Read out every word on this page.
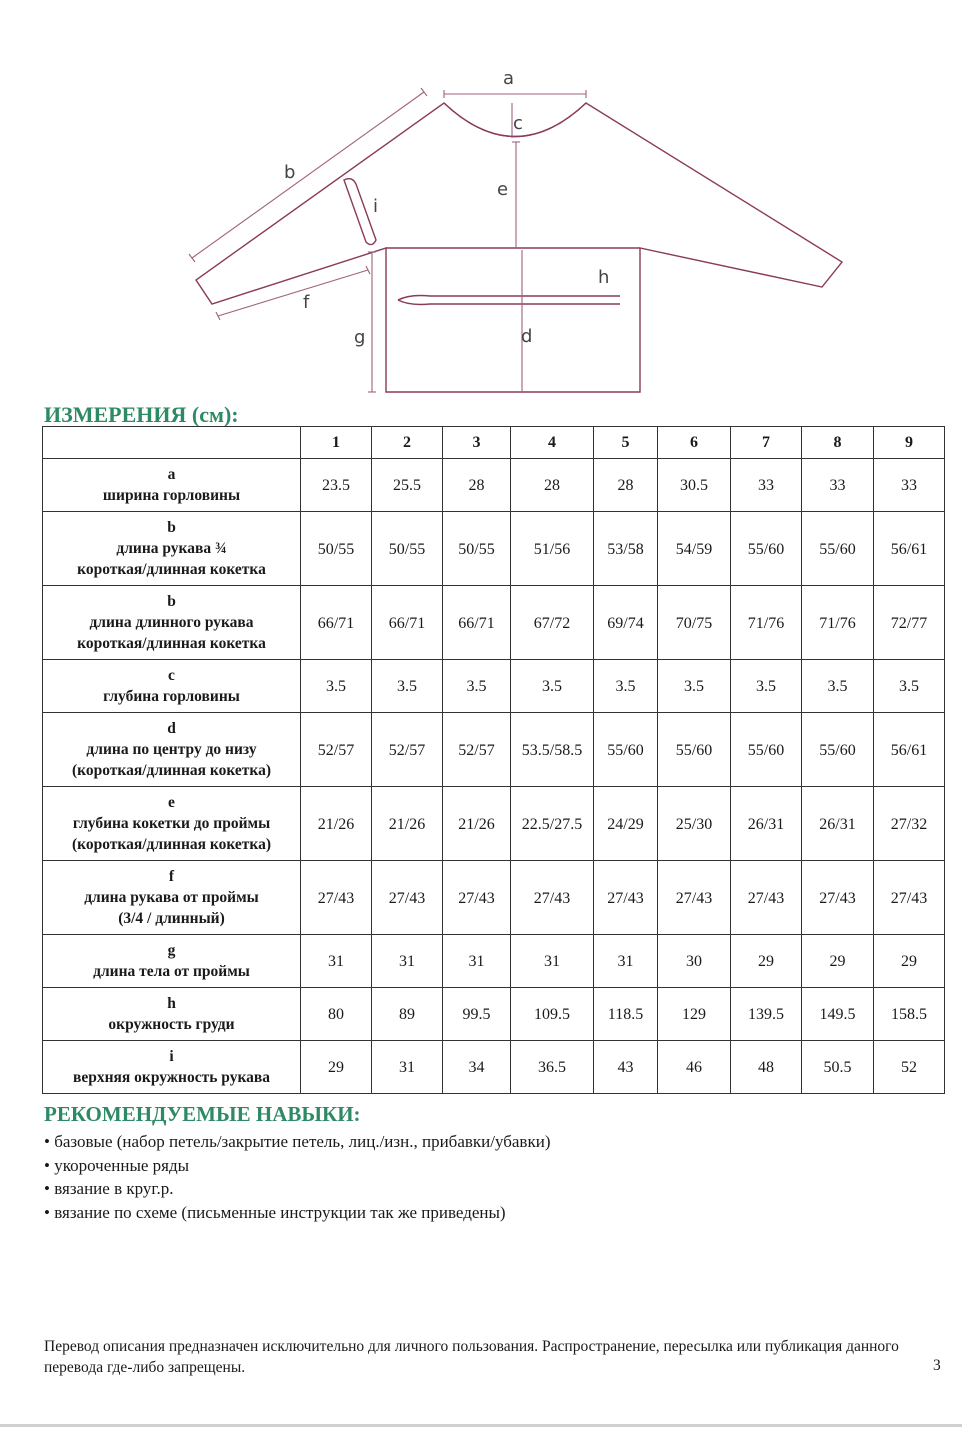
a
b
c
e
i
h
f
g	d
ИЗМЕРЕНИЯ (см):
	1	2	3	4	5	6	7	8	9

a
ширина горловины	23.5	25.5	28	28	28	30.5	33	33	33

b
длина рукава ¾
короткая/длинная кокетка	50/55	50/55	50/55	51/56	53/58	54/59	55/60	55/60	56/61

b
длина длинного рукава
короткая/длинная кокетка	66/71	66/71	66/71	67/72	69/74	70/75	71/76	71/76	72/77

c
глубина горловины	3.5	3.5	3.5	3.5	3.5	3.5	3.5	3.5	3.5

d
длина по центру до низу
(короткая/длинная кокетка)	52/57	52/57	52/57	53.5/58.5	55/60	55/60	55/60	55/60	56/61

e
глубина кокетки до проймы
(короткая/длинная кокетка)	21/26	21/26	21/26	22.5/27.5	24/29	25/30	26/31	26/31	27/32

f
длина рукава от проймы
(3/4 / длинный)	27/43	27/43	27/43	27/43	27/43	27/43	27/43	27/43	27/43

g
длина тела от проймы	31	31	31	31	31	30	29	29	29

h
окружность груди	80	89	99.5	109.5	118.5	129	139.5	149.5	158.5

i
верхняя окружность рукава	29	31	34	36.5	43	46	48	50.5	52
РЕКОМЕНДУЕМЫЕ НАВЫКИ:
• базовые (набор петель/закрытие петель, лиц./изн., прибавки/убавки)
• укороченные ряды
• вязание в круг.р.
• вязание по схеме (письменные инструкции так же приведены)
Перевод описания предназначен исключительно для личного пользования. Распространение, пересылка или публикация данного перевода где-либо запрещены.	3
